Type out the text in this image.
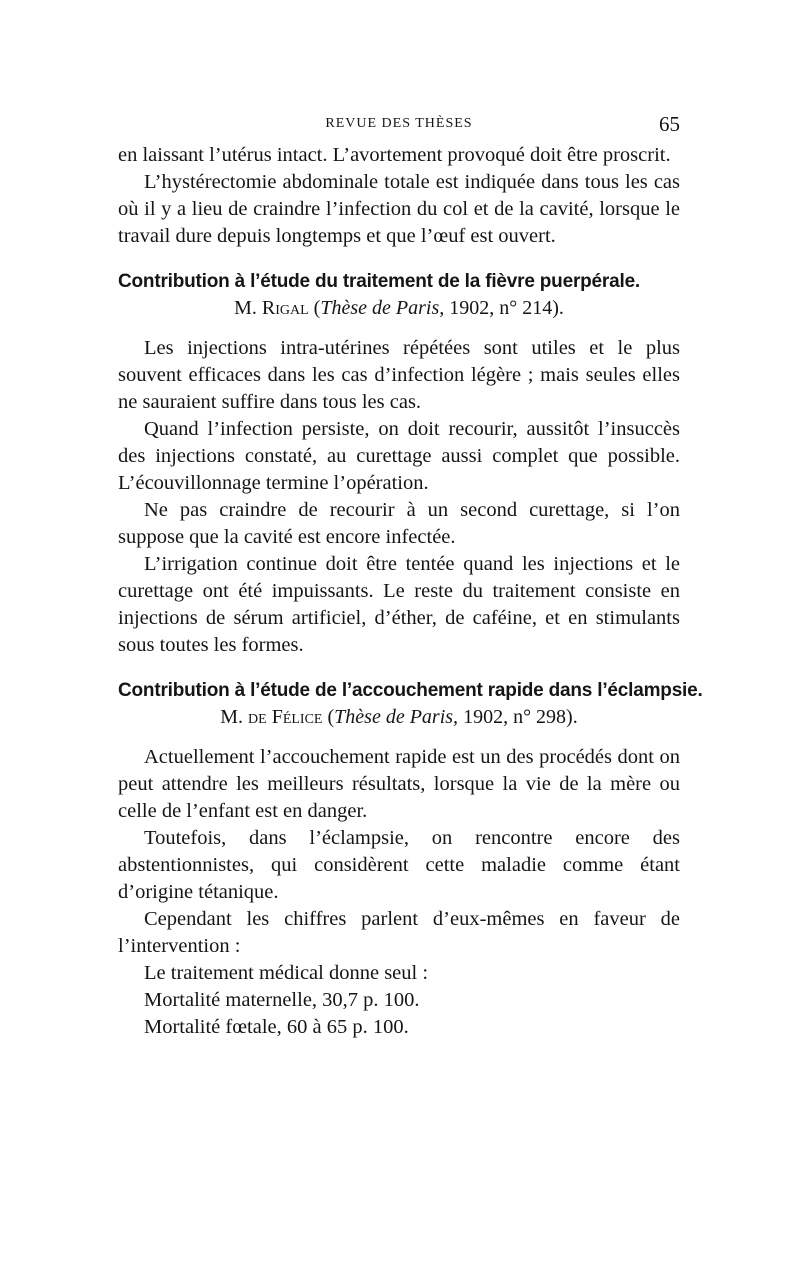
REVUE DES THÈSES	65

en laissant l’utérus intact. L’avortement provoqué doit être proscrit.

L’hystérectomie abdominale totale est indiquée dans tous les cas où il y a lieu de craindre l’infection du col et de la cavité, lorsque le travail dure depuis longtemps et que l’œuf est ouvert.

Contribution à l’étude du traitement de la fièvre puerpérale.
M. Rigal (Thèse de Paris, 1902, n° 214).

Les injections intra-utérines répétées sont utiles et le plus souvent efficaces dans les cas d’infection légère ; mais seules elles ne sauraient suffire dans tous les cas.

Quand l’infection persiste, on doit recourir, aussitôt l’insuccès des injections constaté, au curettage aussi complet que possible. L’écouvillonnage termine l’opération.

Ne pas craindre de recourir à un second curettage, si l’on suppose que la cavité est encore infectée.

L’irrigation continue doit être tentée quand les injections et le curettage ont été impuissants. Le reste du traitement consiste en injections de sérum artificiel, d’éther, de caféine, et en stimulants sous toutes les formes.

Contribution à l’étude de l’accouchement rapide dans l’éclampsie.
M. de Félice (Thèse de Paris, 1902, n° 298).

Actuellement l’accouchement rapide est un des procédés dont on peut attendre les meilleurs résultats, lorsque la vie de la mère ou celle de l’enfant est en danger.

Toutefois, dans l’éclampsie, on rencontre encore des abstentionnistes, qui considèrent cette maladie comme étant d’origine tétanique.

Cependant les chiffres parlent d’eux-mêmes en faveur de l’intervention :

Le traitement médical donne seul :
Mortalité maternelle, 30,7 p. 100.
Mortalité fœtale, 60 à 65 p. 100.
